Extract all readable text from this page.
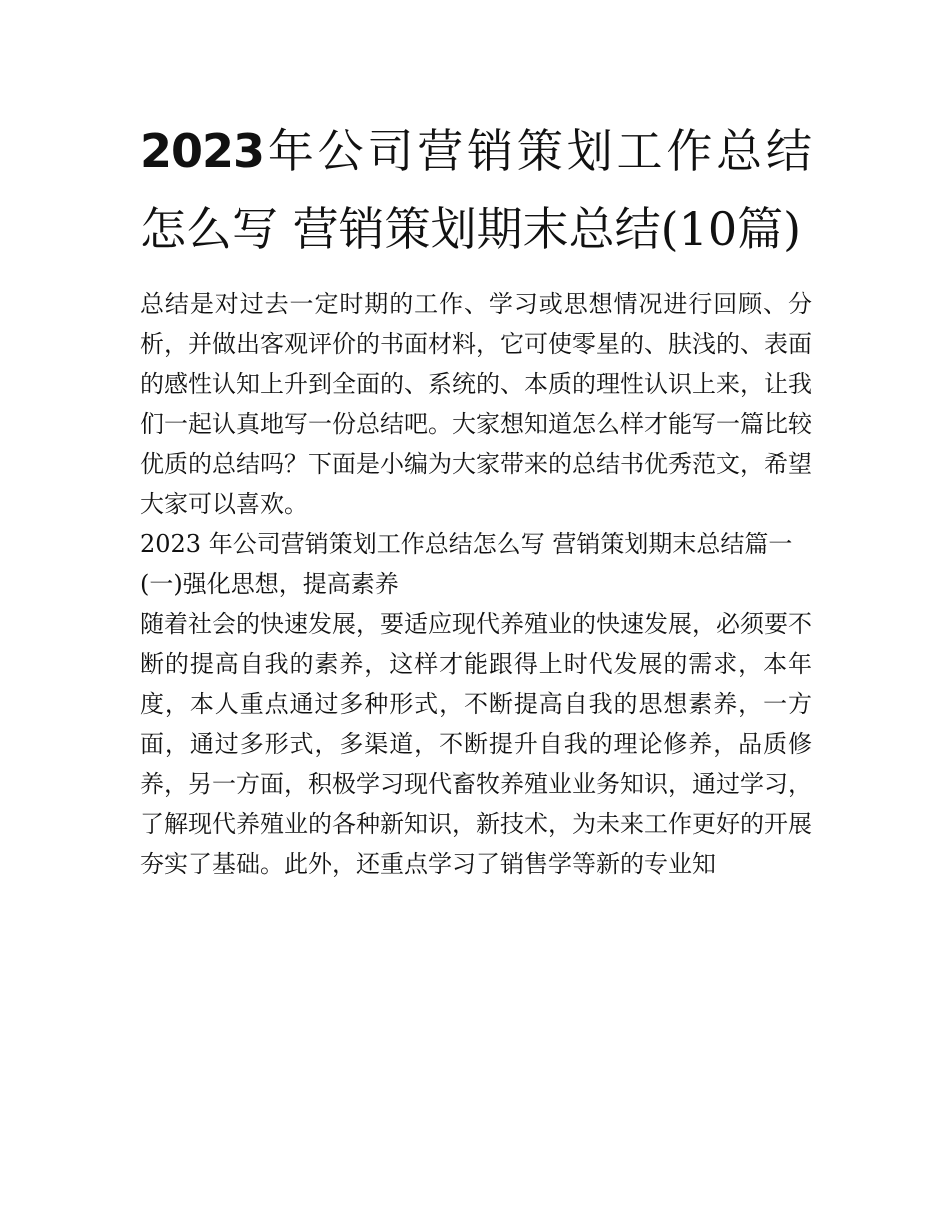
2023年公司营销策划工作总结怎么写 营销策划期末总结(10篇)

总结是对过去一定时期的工作、学习或思想情况进行回顾、分析，并做出客观评价的书面材料，它可使零星的、肤浅的、表面的感性认知上升到全面的、系统的、本质的理性认识上来，让我们一起认真地写一份总结吧。大家想知道怎么样才能写一篇比较优质的总结吗？下面是小编为大家带来的总结书优秀范文，希望大家可以喜欢。

2023 年公司营销策划工作总结怎么写 营销策划期末总结篇一

(一)强化思想，提高素养

随着社会的快速发展，要适应现代养殖业的快速发展，必须要不断的提高自我的素养，这样才能跟得上时代发展的需求，本年度，本人重点通过多种形式，不断提高自我的思想素养，一方面，通过多形式，多渠道，不断提升自我的理论修养，品质修养，另一方面，积极学习现代畜牧养殖业业务知识，通过学习，了解现代养殖业的各种新知识，新技术，为未来工作更好的开展夯实了基础。此外，还重点学习了销售学等新的专业知
